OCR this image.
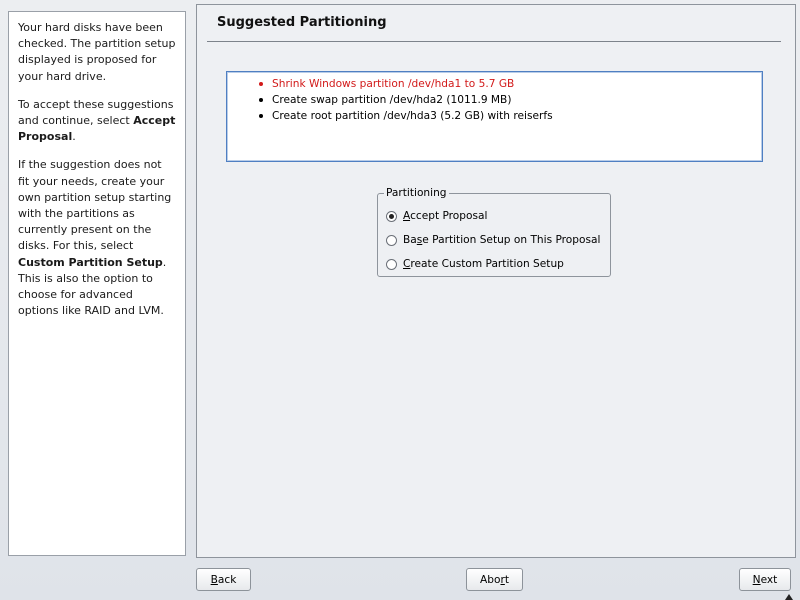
Your hard disks have been checked. The partition setup displayed is proposed for your hard drive.

To accept these suggestions and continue, select Accept Proposal.

If the suggestion does not fit your needs, create your own partition setup starting with the partitions as currently present on the disks. For this, select Custom Partition Setup. This is also the option to choose for advanced options like RAID and LVM.

Suggested Partitioning
Shrink Windows partition /dev/hda1 to 5.7 GB
Create swap partition /dev/hda2 (1011.9 MB)
Create root partition /dev/hda3 (5.2 GB) with reiserfs
Partitioning
Accept Proposal
Base Partition Setup on This Proposal
Create Custom Partition Setup
B ack	Abo r t	N ext
